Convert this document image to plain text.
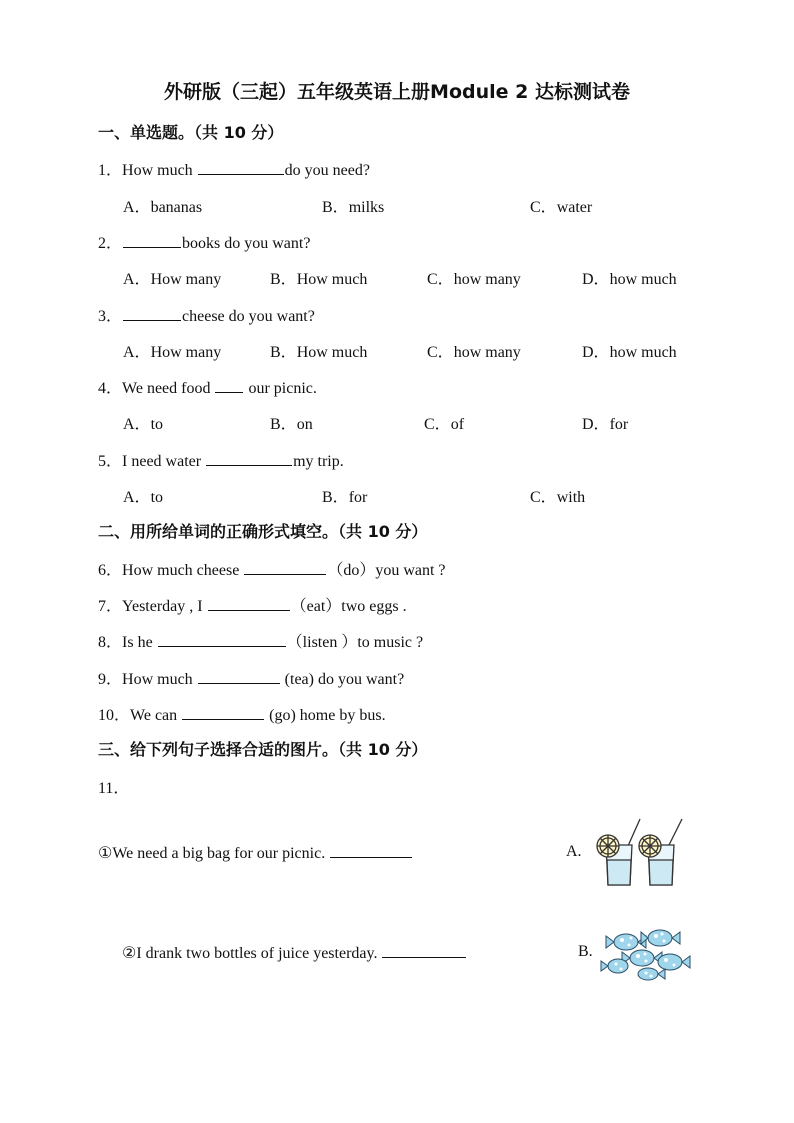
外研版（三起）五年级英语上册Module 2 达标测试卷
一、单选题。（共 10 分）
1．How much	do you need?
A．bananas	B．milks	C．water
2．	books do you want?
A．How many	B．How much	C．how many	D．how much
3．	cheese do you want?
A．How many	B．How much	C．how many	D．how much
4．We need food our picnic.
A．to	B．on	C．of	D．for
5．I need water	my trip.
A．to	B．for	C．with
二、用所给单词的正确形式填空。（共 10 分）
6．How much cheese	（do）you want ?
7．Yesterday , I	（eat）two eggs .
8．Is he	（listen ）to music ?
9．How much	(tea) do you want?
10．We can	(go) home by bus.
三、给下列句子选择合适的图片。（共 10 分）
11．
①We need a big bag for our picnic.	A.
②I drank two bottles of juice yesterday.	B.
